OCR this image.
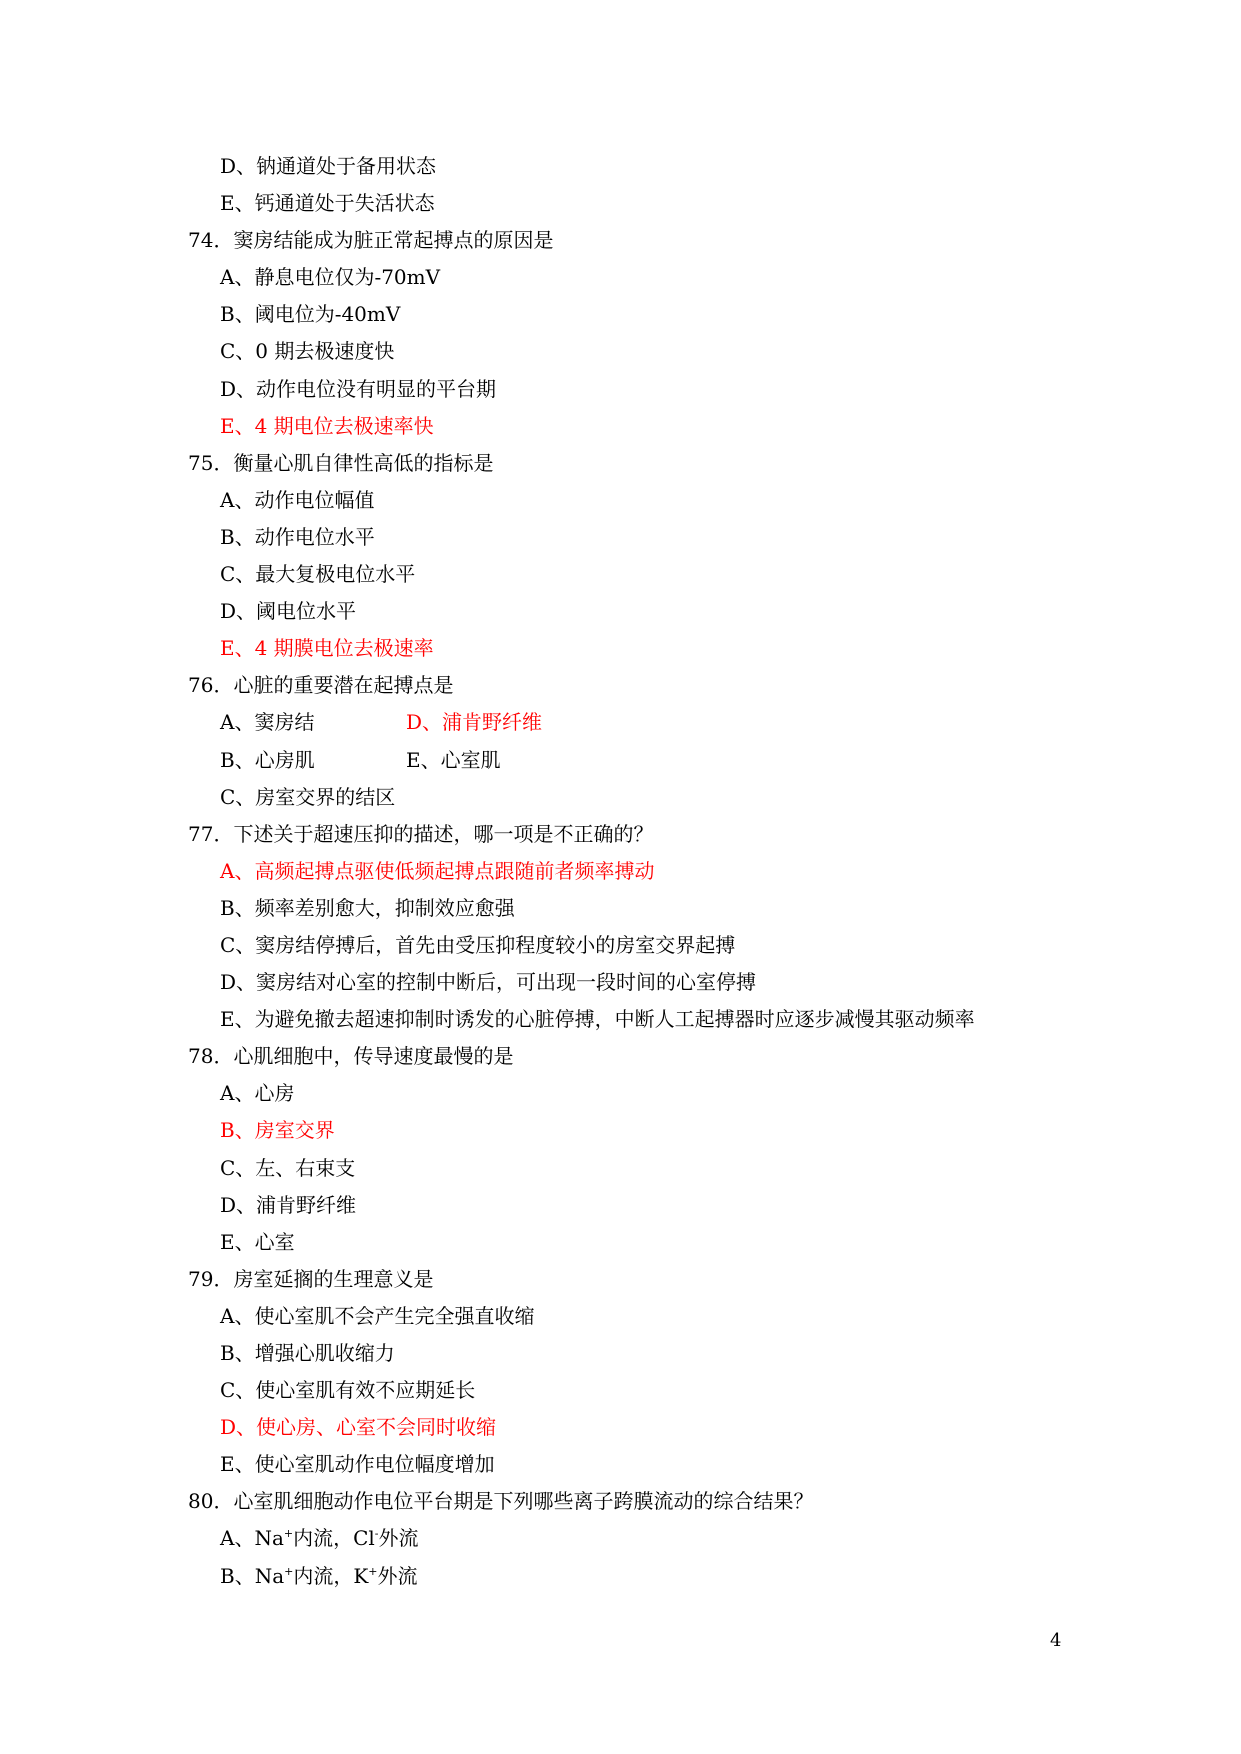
D、钠通道处于备用状态
E、钙通道处于失活状态
74．窦房结能成为脏正常起搏点的原因是
A、静息电位仅为-70mV
B、阈电位为-40mV
C、0 期去极速度快
D、动作电位没有明显的平台期
E、4 期电位去极速率快
75．衡量心肌自律性高低的指标是
A、动作电位幅值
B、动作电位水平
C、最大复极电位水平
D、阈电位水平
E、4 期膜电位去极速率
76．心脏的重要潜在起搏点是
A、窦房结	D、浦肯野纤维
B、心房肌	E、心室肌
C、房室交界的结区
77．下述关于超速压抑的描述，哪一项是不正确的？
A、高频起搏点驱使低频起搏点跟随前者频率搏动
B、频率差别愈大，抑制效应愈强
C、窦房结停搏后，首先由受压抑程度较小的房室交界起搏
D、窦房结对心室的控制中断后，可出现一段时间的心室停搏
E、为避免撤去超速抑制时诱发的心脏停搏，中断人工起搏器时应逐步减慢其驱动频率
78．心肌细胞中，传导速度最慢的是
A、心房
B、房室交界
C、左、右束支
D、浦肯野纤维
E、心室
79．房室延搁的生理意义是
A、使心室肌不会产生完全强直收缩
B、增强心肌收缩力
C、使心室肌有效不应期延长
D、使心房、心室不会同时收缩
E、使心室肌动作电位幅度增加
80．心室肌细胞动作电位平台期是下列哪些离子跨膜流动的综合结果？
A、Na+内流，Cl-外流
B、Na+内流，K+外流
4
